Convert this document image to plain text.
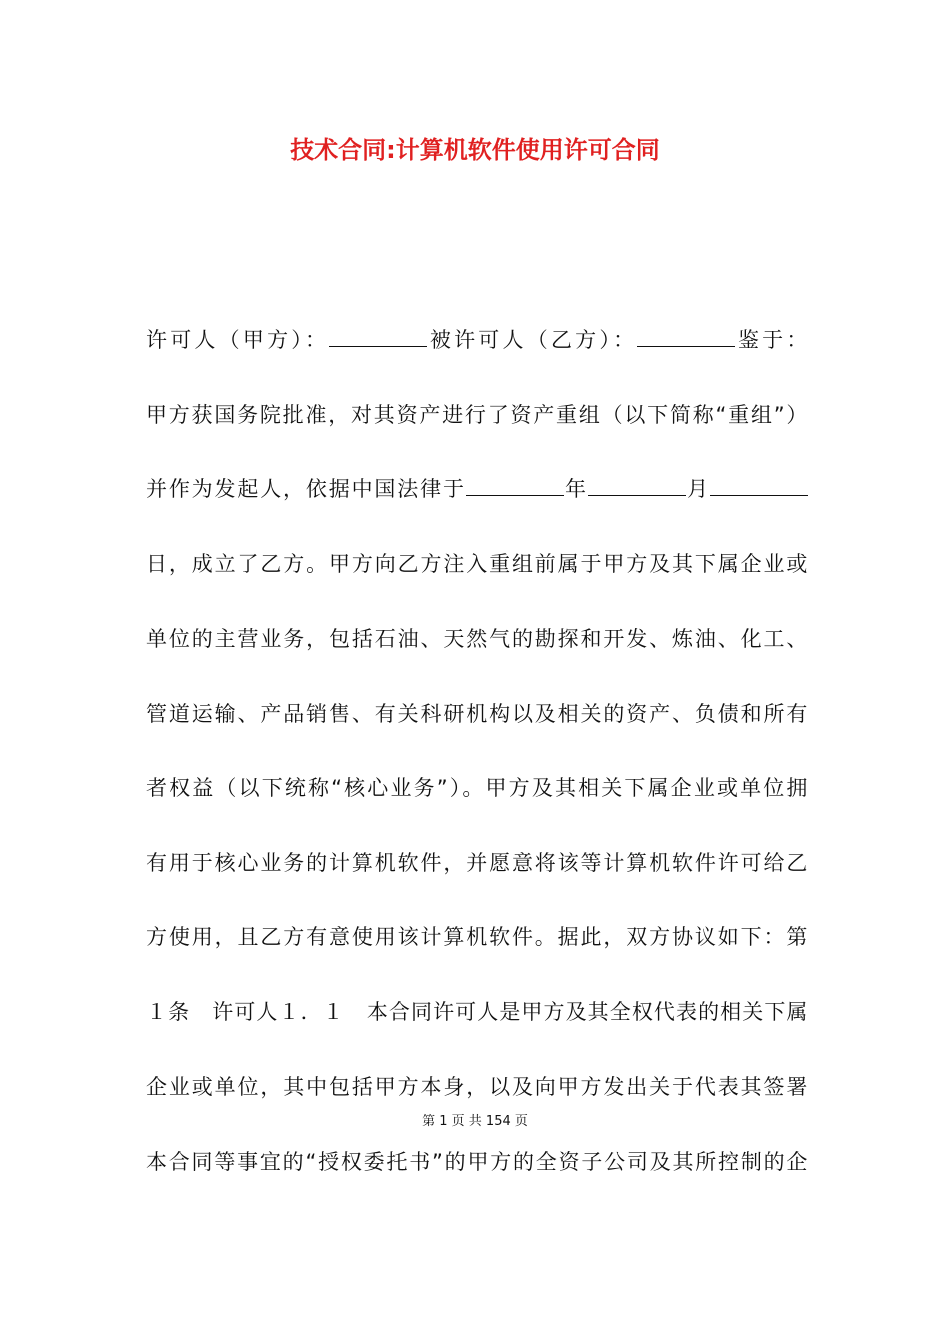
技术合同:计算机软件使用许可合同
许可人（甲方）：	被许可人（乙方）：	鉴于：
甲方获国务院批准，对其资产进行了资产重组（以下简称“重组”）
并作为发起人，依据中国法律于	年	月
日，成立了乙方。甲方向乙方注入重组前属于甲方及其下属企业或
单位的主营业务，包括石油、天然气的勘探和开发、炼油、化工、
管道运输、产品销售、有关科研机构以及相关的资产、负债和所有
者权益（以下统称“核心业务”）。甲方及其相关下属企业或单位拥
有用于核心业务的计算机软件，并愿意将该等计算机软件许可给乙
方使用，且乙方有意使用该计算机软件。据此，双方协议如下：第
１条　许可人１．１　本合同许可人是甲方及其全权代表的相关下属
企业或单位，其中包括甲方本身，以及向甲方发出关于代表其签署
第 1 页 共 154 页
本合同等事宜的“授权委托书”的甲方的全资子公司及其所控制的企
